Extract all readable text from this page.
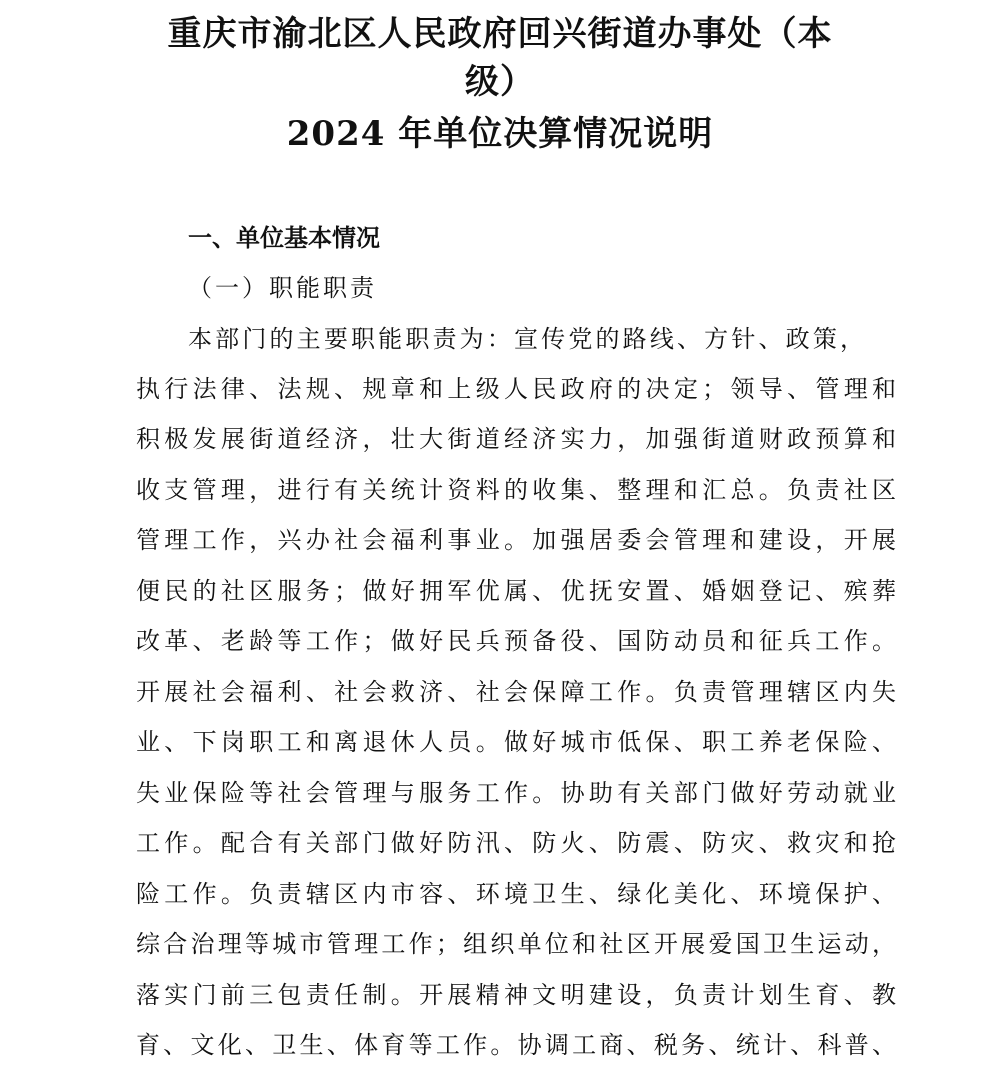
重庆市渝北区人民政府回兴街道办事处（本
级）
2024 年单位决算情况说明
一、单位基本情况
（一）职能职责
本部门的主要职能职责为：宣传党的路线、方针、政策，
执行法律、法规、规章和上级人民政府的决定；领导、管理和
积极发展街道经济，壮大街道经济实力，加强街道财政预算和
收支管理，进行有关统计资料的收集、整理和汇总。负责社区
管理工作，兴办社会福利事业。加强居委会管理和建设，开展
便民的社区服务；做好拥军优属、优抚安置、婚姻登记、殡葬
改革、老龄等工作；做好民兵预备役、国防动员和征兵工作。
开展社会福利、社会救济、社会保障工作。负责管理辖区内失
业、下岗职工和离退休人员。做好城市低保、职工养老保险、
失业保险等社会管理与服务工作。协助有关部门做好劳动就业
工作。配合有关部门做好防汛、防火、防震、防灾、救灾和抢
险工作。负责辖区内市容、环境卫生、绿化美化、环境保护、
综合治理等城市管理工作；组织单位和社区开展爱国卫生运动，
落实门前三包责任制。开展精神文明建设，负责计划生育、教
育、文化、卫生、体育等工作。协调工商、税务、统计、科普、
